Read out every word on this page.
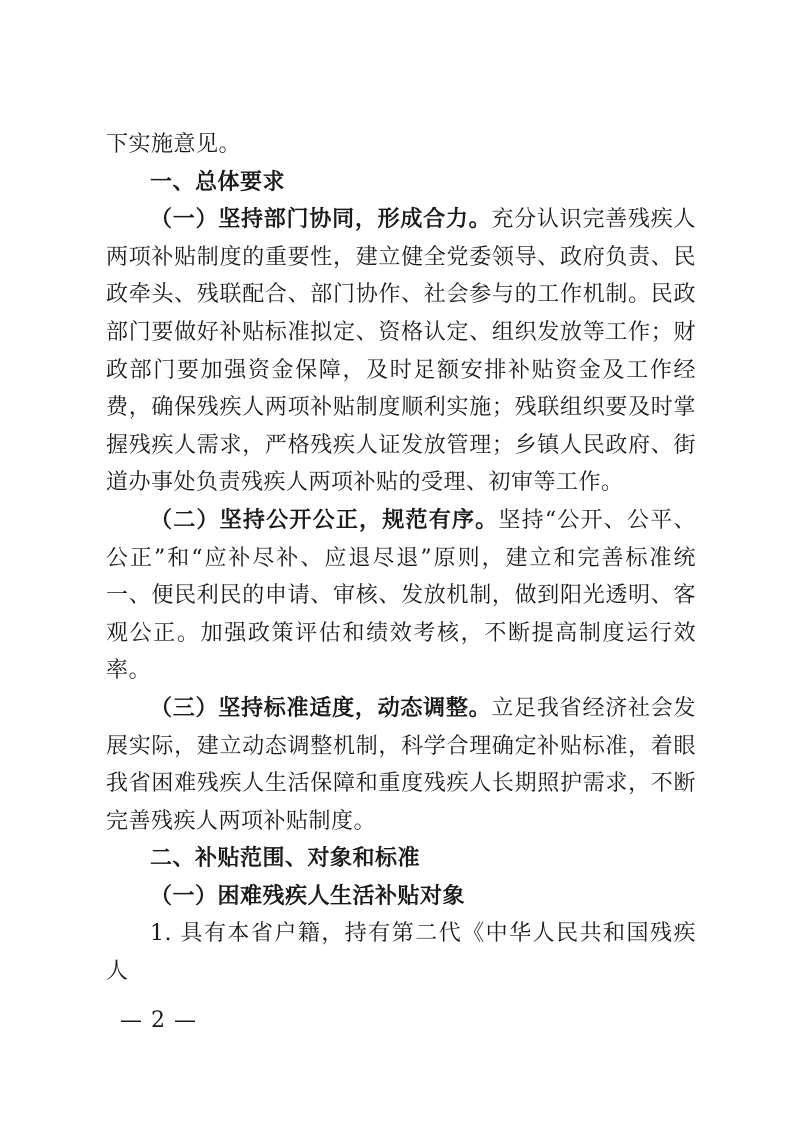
下实施意见。

一、总体要求

（一）坚持部门协同，形成合力。充分认识完善残疾人两项补贴制度的重要性，建立健全党委领导、政府负责、民政牵头、残联配合、部门协作、社会参与的工作机制。民政部门要做好补贴标准拟定、资格认定、组织发放等工作；财政部门要加强资金保障，及时足额安排补贴资金及工作经费，确保残疾人两项补贴制度顺利实施；残联组织要及时掌握残疾人需求，严格残疾人证发放管理；乡镇人民政府、街道办事处负责残疾人两项补贴的受理、初审等工作。

（二）坚持公开公正，规范有序。坚持“公开、公平、公正”和“应补尽补、应退尽退”原则，建立和完善标准统一、便民利民的申请、审核、发放机制，做到阳光透明、客观公正。加强政策评估和绩效考核，不断提高制度运行效率。

（三）坚持标准适度，动态调整。立足我省经济社会发展实际，建立动态调整机制，科学合理确定补贴标准，着眼我省困难残疾人生活保障和重度残疾人长期照护需求，不断完善残疾人两项补贴制度。

二、补贴范围、对象和标准

（一）困难残疾人生活补贴对象

1. 具有本省户籍，持有第二代《中华人民共和国残疾人

— 2 —
